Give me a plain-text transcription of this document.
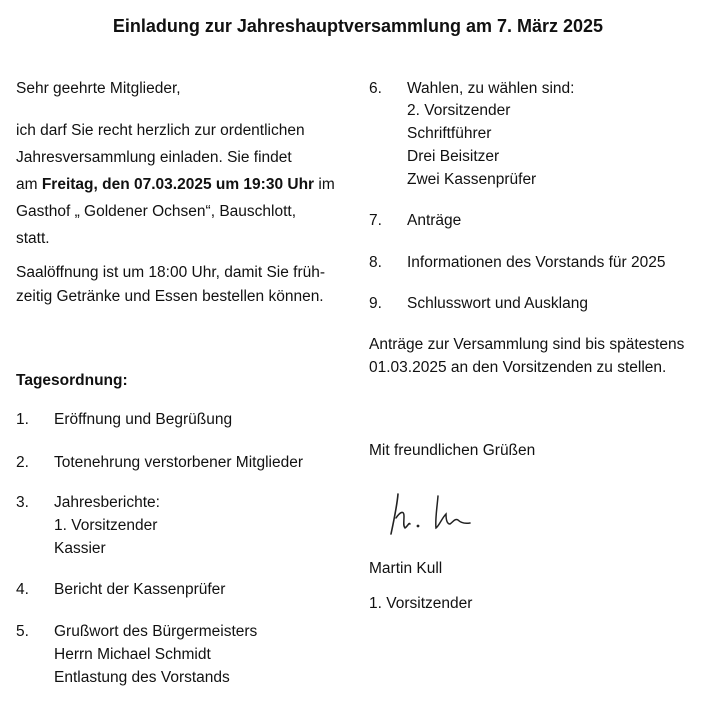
Einladung zur Jahreshauptversammlung am 7. März 2025
Sehr geehrte Mitglieder,
ich darf Sie recht herzlich zur ordentlichen
Jahresversammlung einladen. Sie findet
am Freitag, den 07.03.2025 um 19:30 Uhr im
Gasthof „ Goldener Ochsen“, Bauschlott,
statt.
Saalöffnung ist um 18:00 Uhr, damit Sie früh-
zeitig Getränke und Essen bestellen können.
Tagesordnung:
1. Eröffnung und Begrüßung
2. Totenehrung verstorbener Mitglieder
3. Jahresberichte:
1. Vorsitzender
Kassier
4. Bericht der Kassenprüfer
5. Grußwort des Bürgermeisters
Herrn Michael Schmidt
Entlastung des Vorstands
6. Wahlen, zu wählen sind:
2. Vorsitzender
Schriftführer
Drei Beisitzer
Zwei Kassenprüfer
7. Anträge
8. Informationen des Vorstands für 2025
9. Schlusswort und Ausklang
Anträge zur Versammlung sind bis spätestens
01.03.2025 an den Vorsitzenden zu stellen.
Mit freundlichen Grüßen
Martin Kull
1. Vorsitzender
